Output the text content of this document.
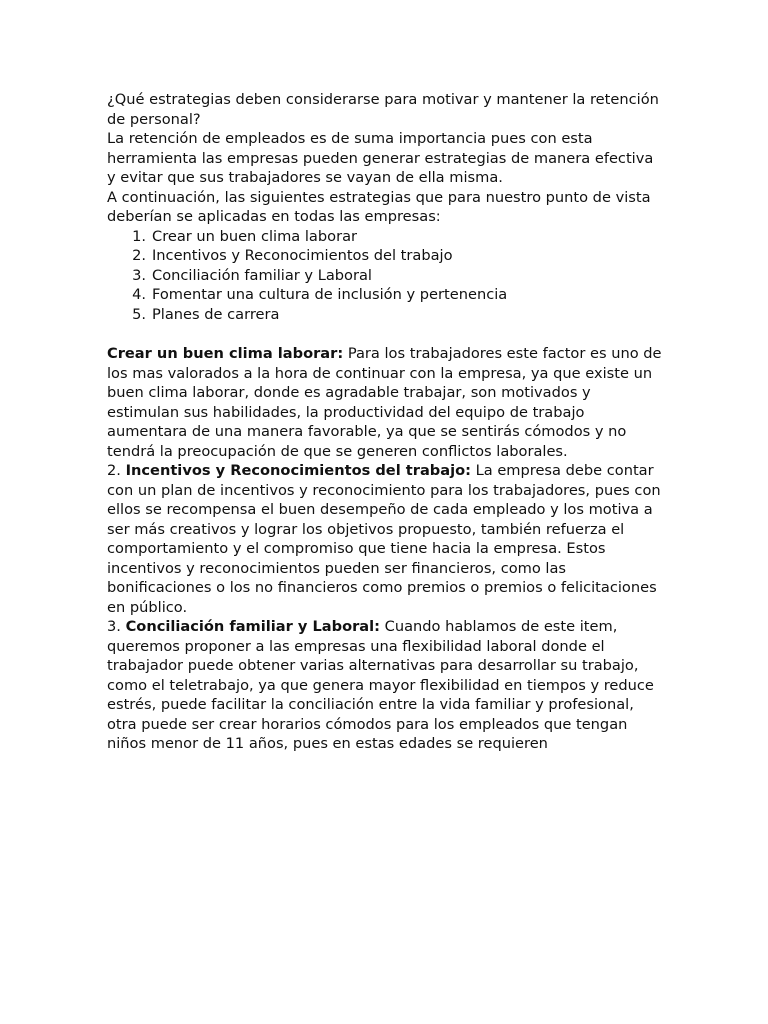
¿Qué estrategias deben considerarse para motivar y mantener la retención de personal?

La retención de empleados es de suma importancia pues con esta herramienta las empresas pueden generar estrategias de manera efectiva y evitar que sus trabajadores se vayan de ella misma.

A continuación, las siguientes estrategias que para nuestro punto de vista deberían se aplicadas en todas las empresas:

1. Crear un buen clima laborar
2. Incentivos y Reconocimientos del trabajo
3. Conciliación familiar y Laboral
4. Fomentar una cultura de inclusión y pertenencia
5. Planes de carrera

Crear un buen clima laborar: Para los trabajadores este factor es uno de los mas valorados a la hora de continuar con la empresa, ya que existe un buen clima laborar, donde es agradable trabajar, son motivados y estimulan sus habilidades, la productividad del equipo de trabajo aumentara de una manera favorable, ya que se sentirás cómodos y no tendrá la preocupación de que se generen conflictos laborales.

2. Incentivos y Reconocimientos del trabajo: La empresa debe contar con un plan de incentivos y reconocimiento para los trabajadores, pues con ellos se recompensa el buen desempeño de cada empleado y los motiva a ser más creativos y lograr los objetivos propuesto, también refuerza el comportamiento y el compromiso que tiene hacia la empresa. Estos incentivos y reconocimientos pueden ser financieros, como las bonificaciones o los no financieros como premios o premios o felicitaciones en público.

3. Conciliación familiar y Laboral: Cuando hablamos de este item, queremos proponer a las empresas una flexibilidad laboral donde el trabajador puede obtener varias alternativas para desarrollar su trabajo, como el teletrabajo, ya que genera mayor flexibilidad en tiempos y reduce estrés, puede facilitar la conciliación entre la vida familiar y profesional, otra puede ser crear horarios cómodos para los empleados que tengan niños menor de 11 años, pues en estas edades se requieren
